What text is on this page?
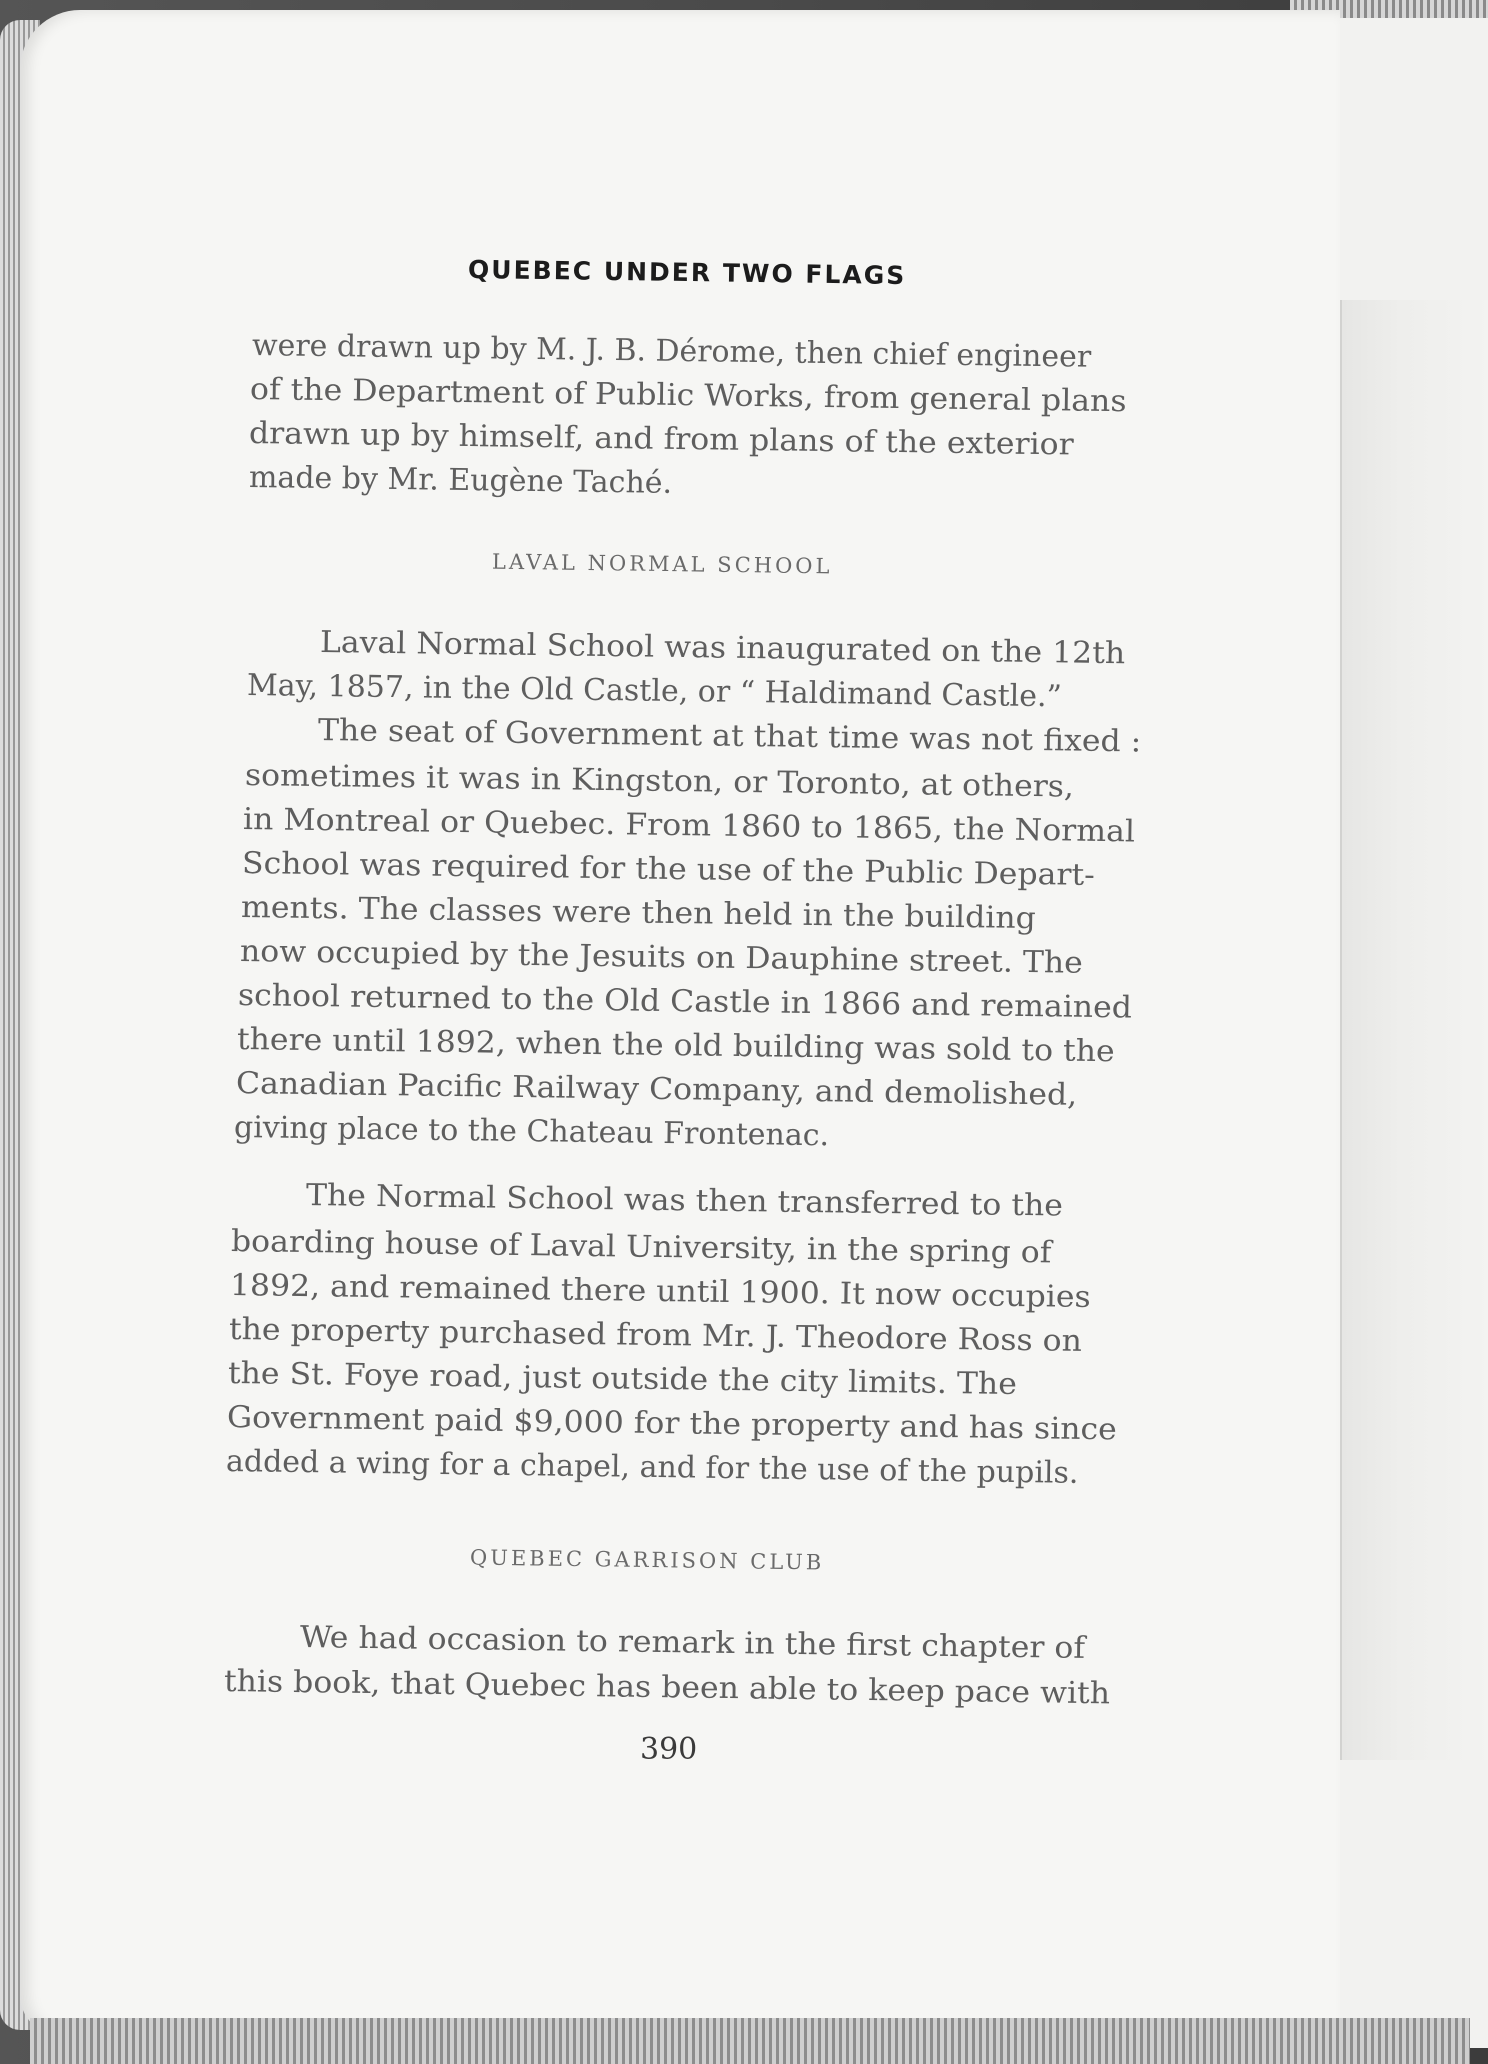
QUEBEC UNDER TWO FLAGS
were drawn up by M. J. B. Dérome, then chief engineer
of the Department of Public Works, from general plans
drawn up by himself, and from plans of the exterior
made by Mr. Eugène Taché.
LAVAL NORMAL SCHOOL
Laval Normal School was inaugurated on the 12th
May, 1857, in the Old Castle, or “ Haldimand Castle.”
The seat of Government at that time was not fixed :
sometimes it was in Kingston, or Toronto, at others,
in Montreal or Quebec. From 1860 to 1865, the Normal
School was required for the use of the Public Depart-
ments. The classes were then held in the building
now occupied by the Jesuits on Dauphine street. The
school returned to the Old Castle in 1866 and remained
there until 1892, when the old building was sold to the
Canadian Pacific Railway Company, and demolished,
giving place to the Chateau Frontenac.
The Normal School was then transferred to the
boarding house of Laval University, in the spring of
1892, and remained there until 1900. It now occupies
the property purchased from Mr. J. Theodore Ross on
the St. Foye road, just outside the city limits. The
Government paid $9,000 for the property and has since
added a wing for a chapel, and for the use of the pupils.
QUEBEC GARRISON CLUB
We had occasion to remark in the first chapter of
this book, that Quebec has been able to keep pace with
390
